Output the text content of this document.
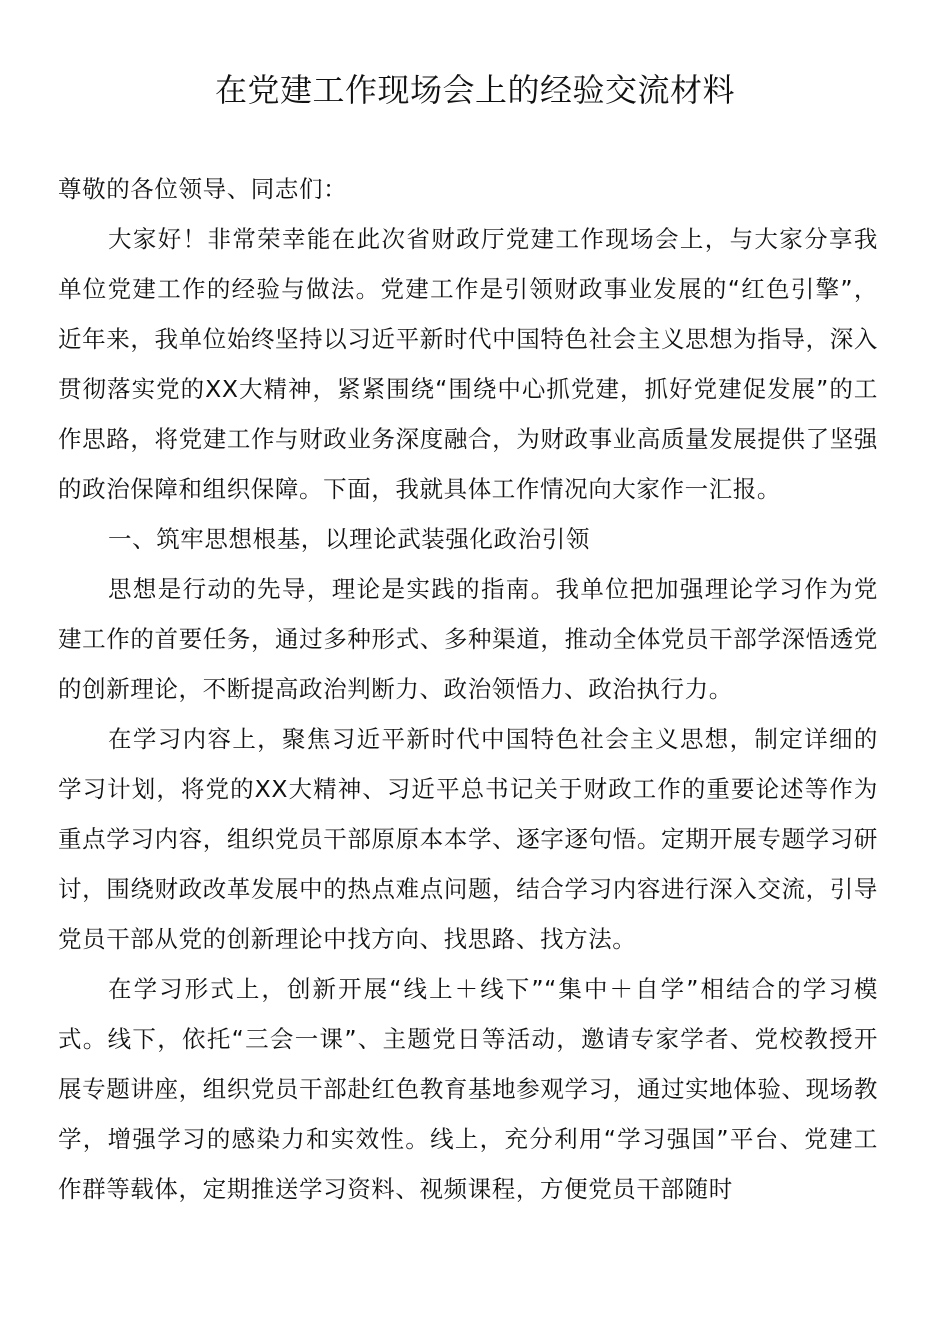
在党建工作现场会上的经验交流材料

尊敬的各位领导、同志们：

大家好！非常荣幸能在此次省财政厅党建工作现场会上，与大家分享我单位党建工作的经验与做法。党建工作是引领财政事业发展的“红色引擎”，近年来，我单位始终坚持以习近平新时代中国特色社会主义思想为指导，深入贯彻落实党的XX大精神，紧紧围绕“围绕中心抓党建，抓好党建促发展”的工作思路，将党建工作与财政业务深度融合，为财政事业高质量发展提供了坚强的政治保障和组织保障。下面，我就具体工作情况向大家作一汇报。

一、筑牢思想根基，以理论武装强化政治引领

思想是行动的先导，理论是实践的指南。我单位把加强理论学习作为党建工作的首要任务，通过多种形式、多种渠道，推动全体党员干部学深悟透党的创新理论，不断提高政治判断力、政治领悟力、政治执行力。

在学习内容上，聚焦习近平新时代中国特色社会主义思想，制定详细的学习计划，将党的XX大精神、习近平总书记关于财政工作的重要论述等作为重点学习内容，组织党员干部原原本本学、逐字逐句悟。定期开展专题学习研讨，围绕财政改革发展中的热点难点问题，结合学习内容进行深入交流，引导党员干部从党的创新理论中找方向、找思路、找方法。

在学习形式上，创新开展“线上＋线下”“集中＋自学”相结合的学习模式。线下，依托“三会一课”、主题党日等活动，邀请专家学者、党校教授开展专题讲座，组织党员干部赴红色教育基地参观学习，通过实地体验、现场教学，增强学习的感染力和实效性。线上，充分利用“学习强国”平台、党建工作群等载体，定期推送学习资料、视频课程，方便党员干部随时
